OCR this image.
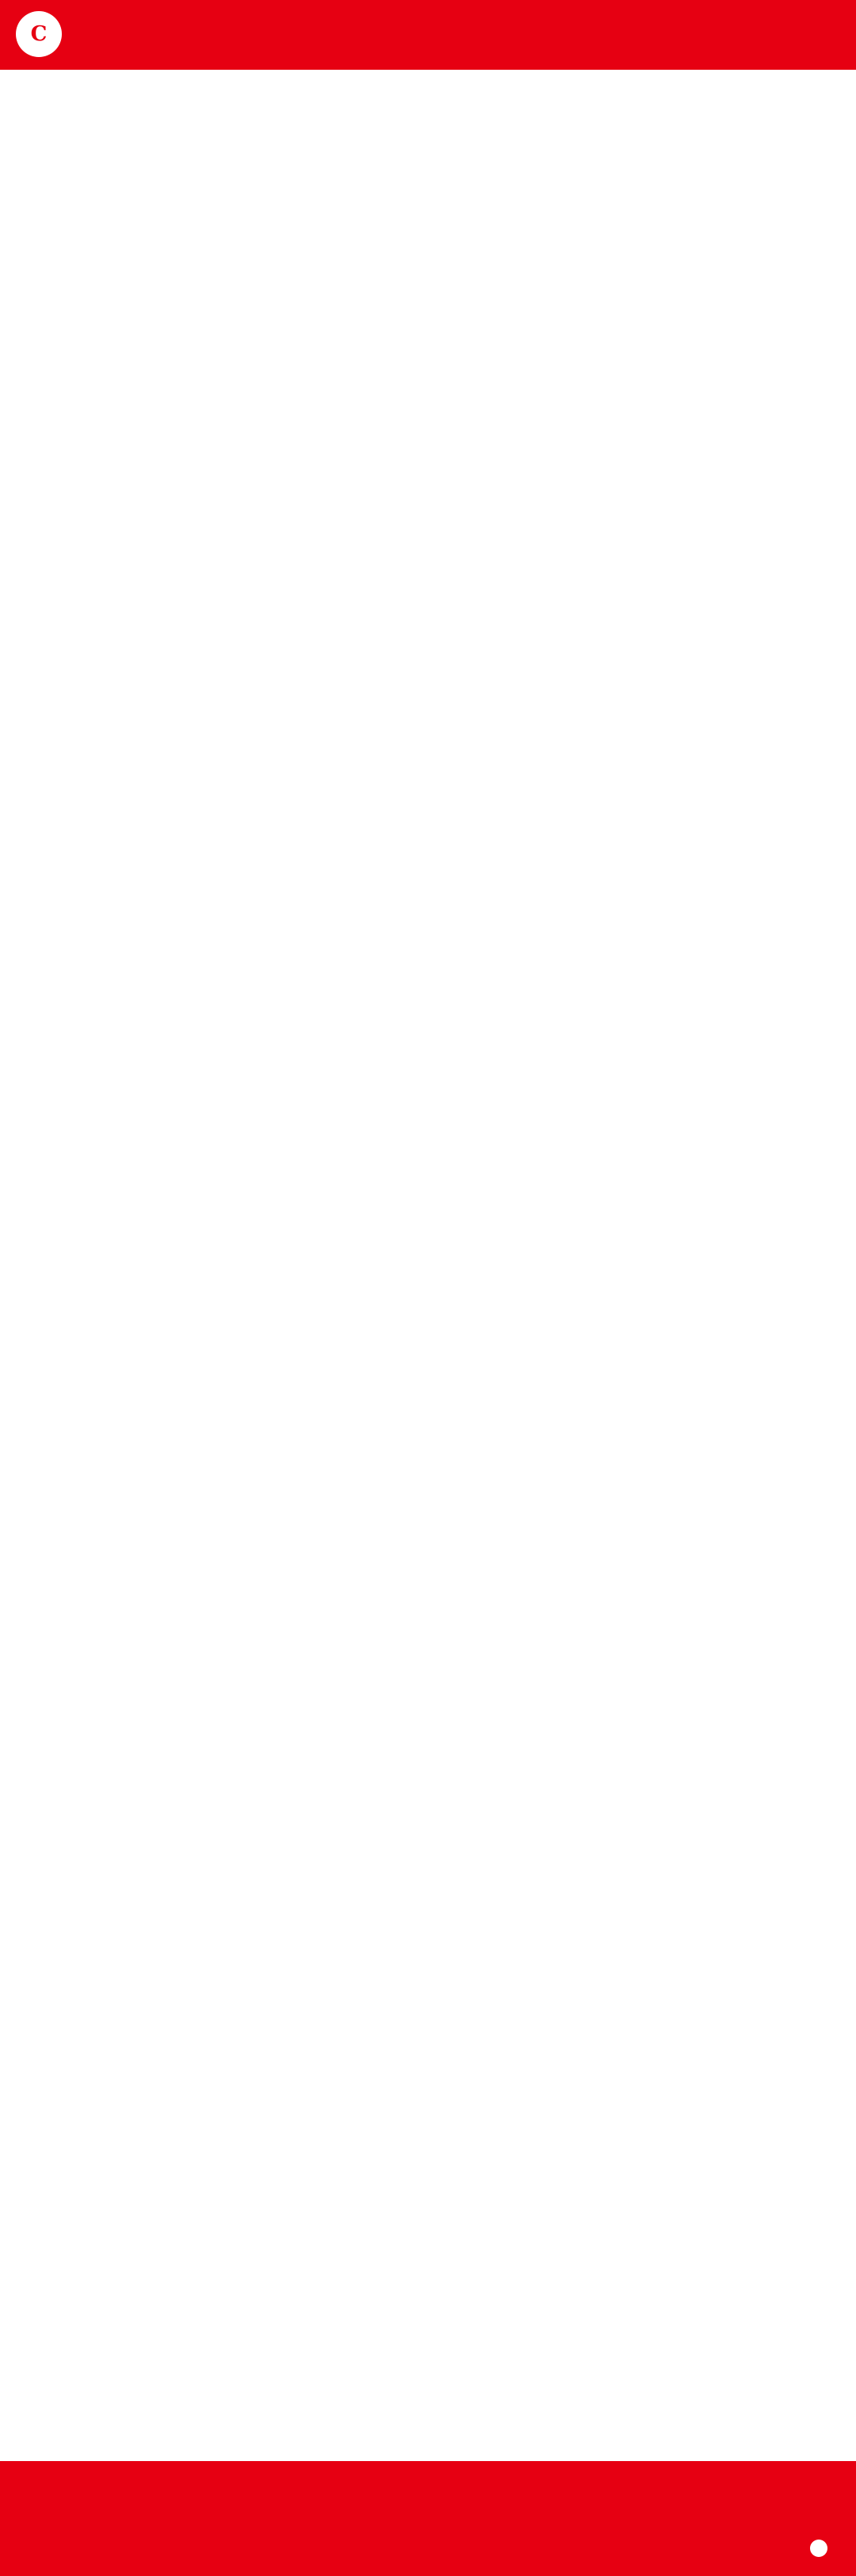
C
